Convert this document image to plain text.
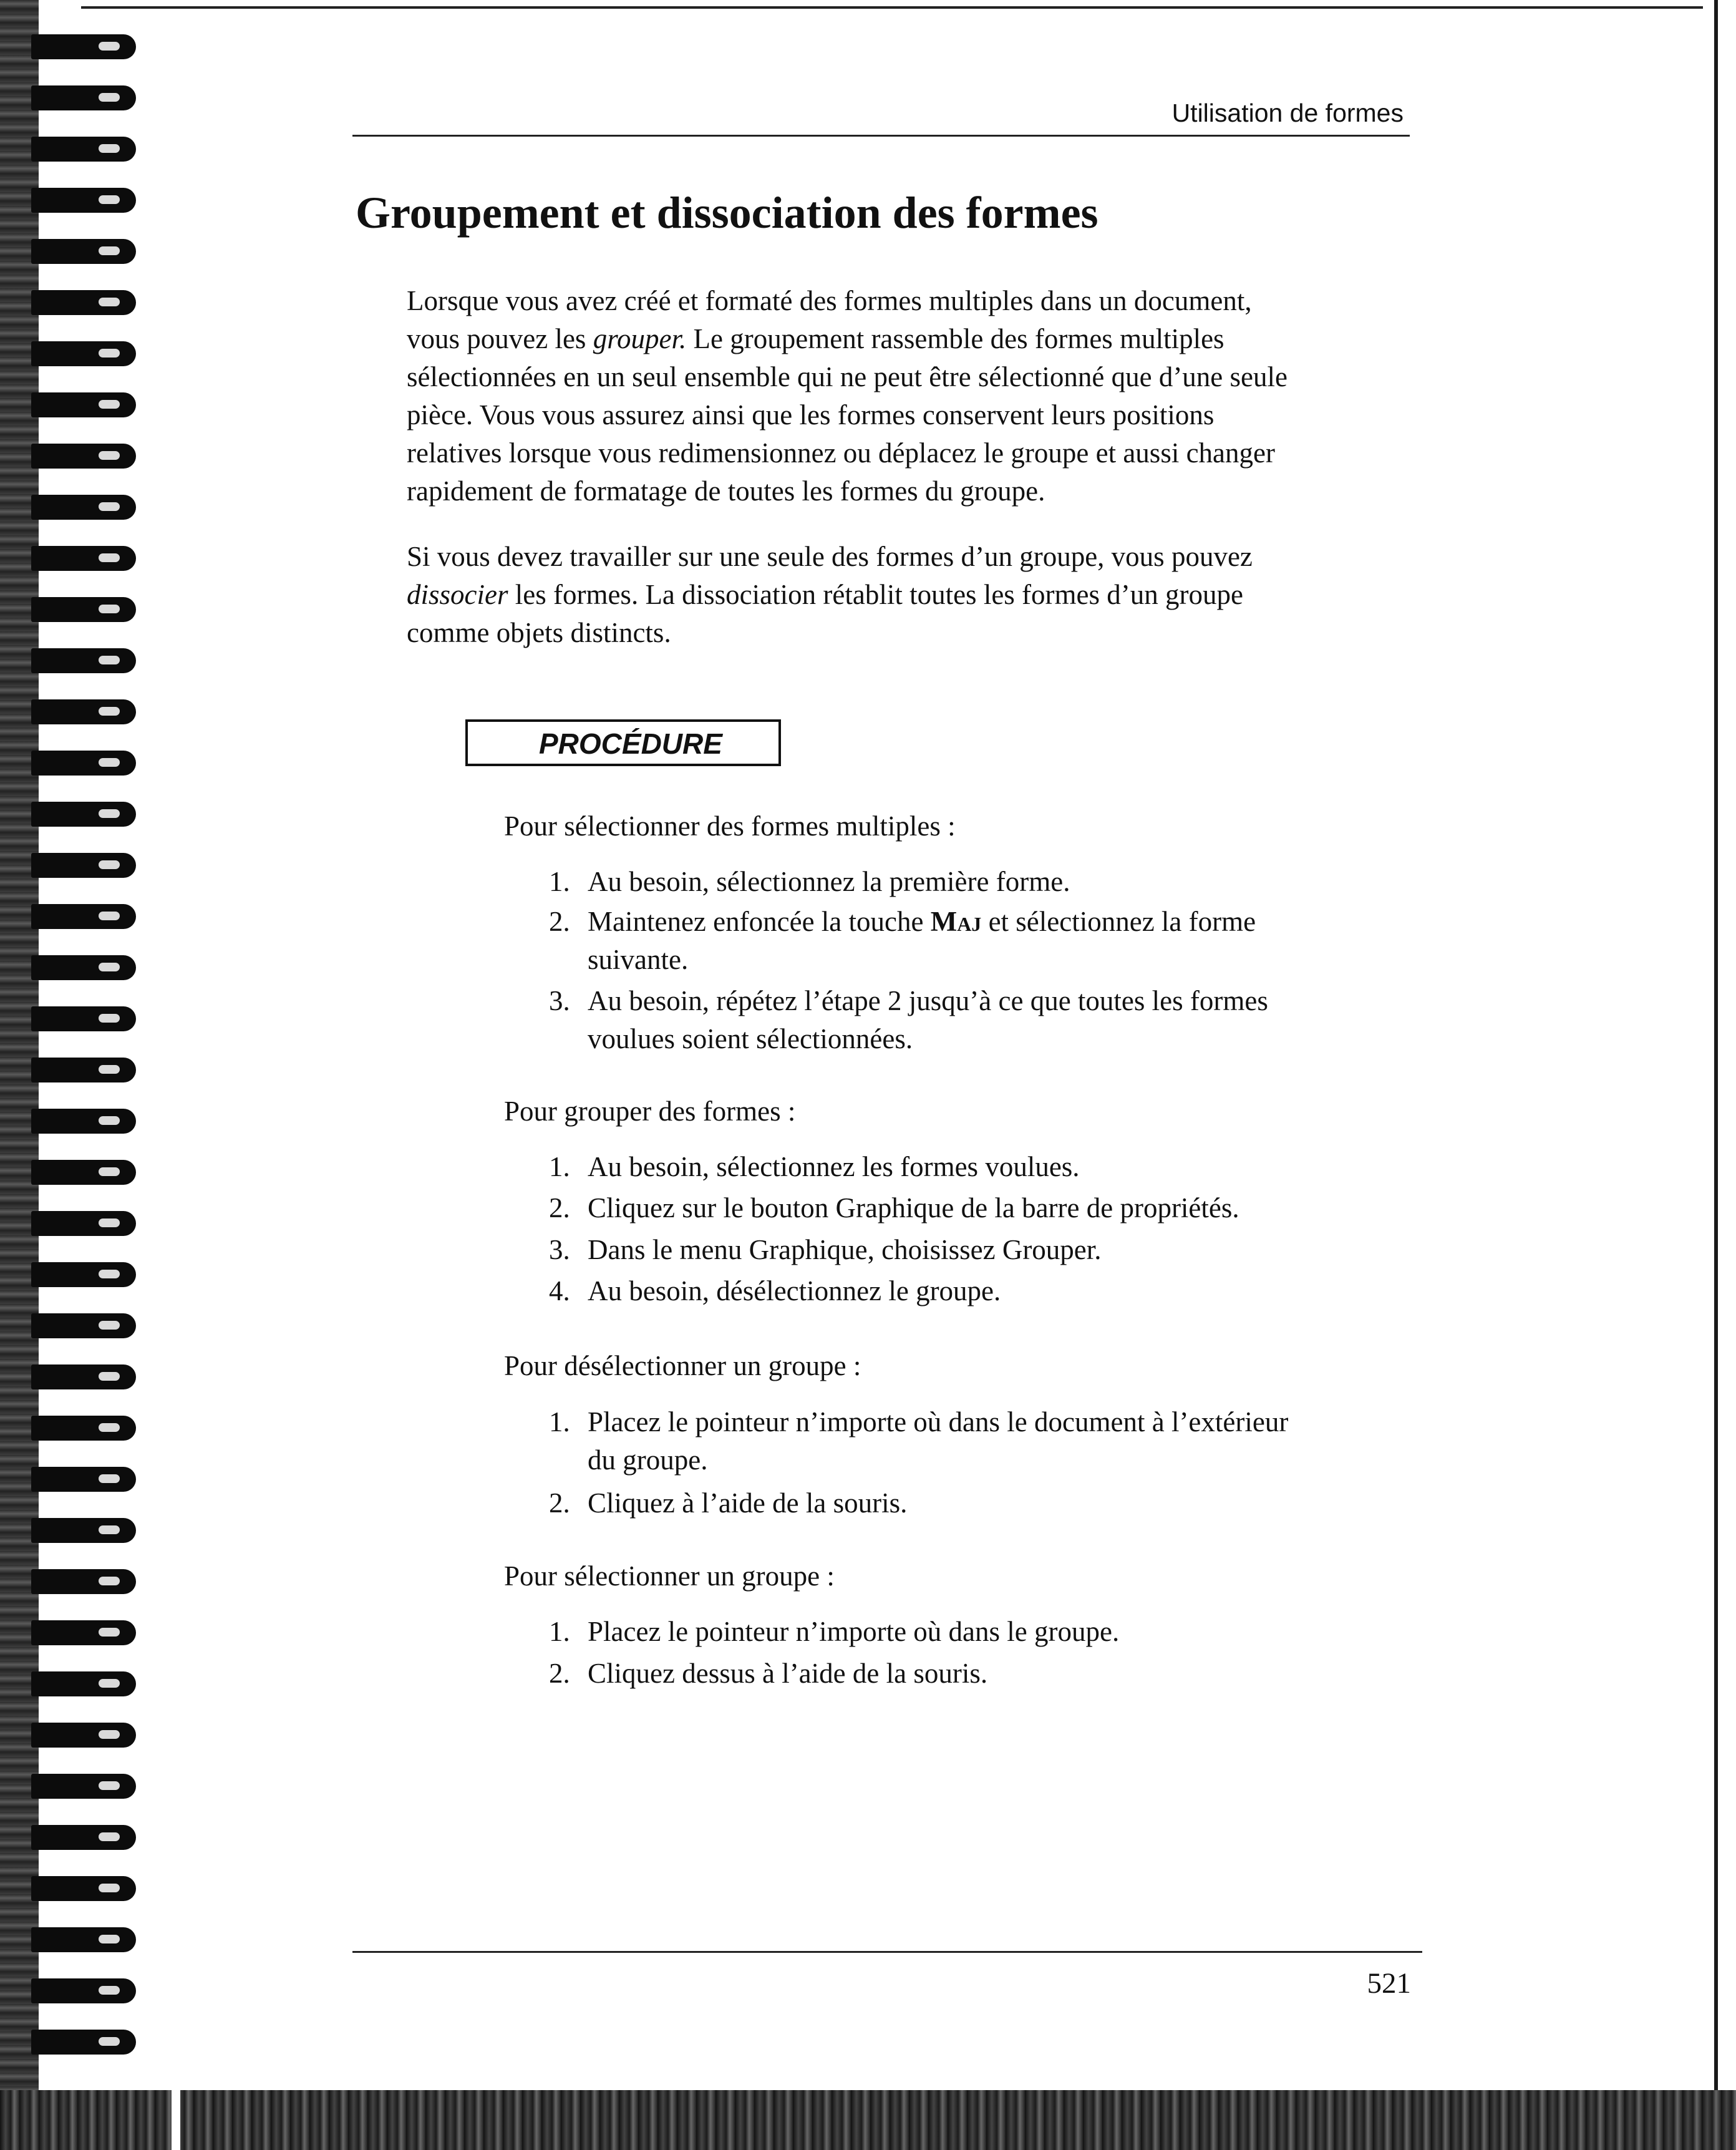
Utilisation de formes
Groupement et dissociation des formes

Lorsque vous avez créé et formaté des formes multiples dans un document,

vous pouvez les grouper. Le groupement rassemble des formes multiples

sélectionnées en un seul ensemble qui ne peut être sélectionné que d’une seule

pièce. Vous vous assurez ainsi que les formes conservent leurs positions

relatives lorsque vous redimensionnez ou déplacez le groupe et aussi changer

rapidement de formatage de toutes les formes du groupe.

Si vous devez travailler sur une seule des formes d’un groupe, vous pouvez

dissocier les formes. La dissociation rétablit toutes les formes d’un groupe

comme objets distincts.

PROCÉDURE

Pour sélectionner des formes multiples :

1. Au besoin, sélectionnez la première forme.
2. Maintenez enfoncée la touche Maj et sélectionnez la forme
suivante.
3. Au besoin, répétez l’étape 2 jusqu’à ce que toutes les formes
voulues soient sélectionnées.

Pour grouper des formes :

1. Au besoin, sélectionnez les formes voulues.
2. Cliquez sur le bouton Graphique de la barre de propriétés.
3. Dans le menu Graphique, choisissez Grouper.
4. Au besoin, désélectionnez le groupe.

Pour désélectionner un groupe :

1. Placez le pointeur n’importe où dans le document à l’extérieur
du groupe.
2. Cliquez à l’aide de la souris.

Pour sélectionner un groupe :

1. Placez le pointeur n’importe où dans le groupe.
2. Cliquez dessus à l’aide de la souris.
521
